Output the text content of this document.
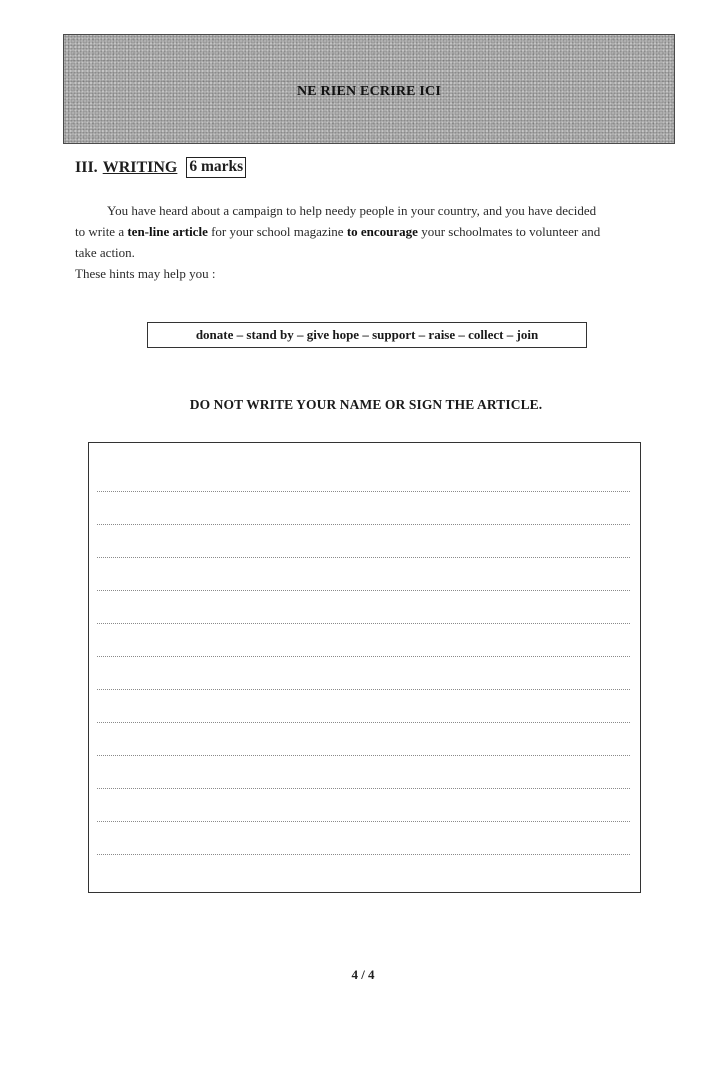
NE RIEN ECRIRE ICI
III. WRITING 6 marks

You have heard about a campaign to help needy people in your country, and you have decided

to write a ten-line article for your school magazine to encourage your schoolmates to volunteer and

take action.

These hints may help you :

donate – stand by – give hope – support – raise – collect – join
DO NOT WRITE YOUR NAME OR SIGN THE ARTICLE.
4 / 4
